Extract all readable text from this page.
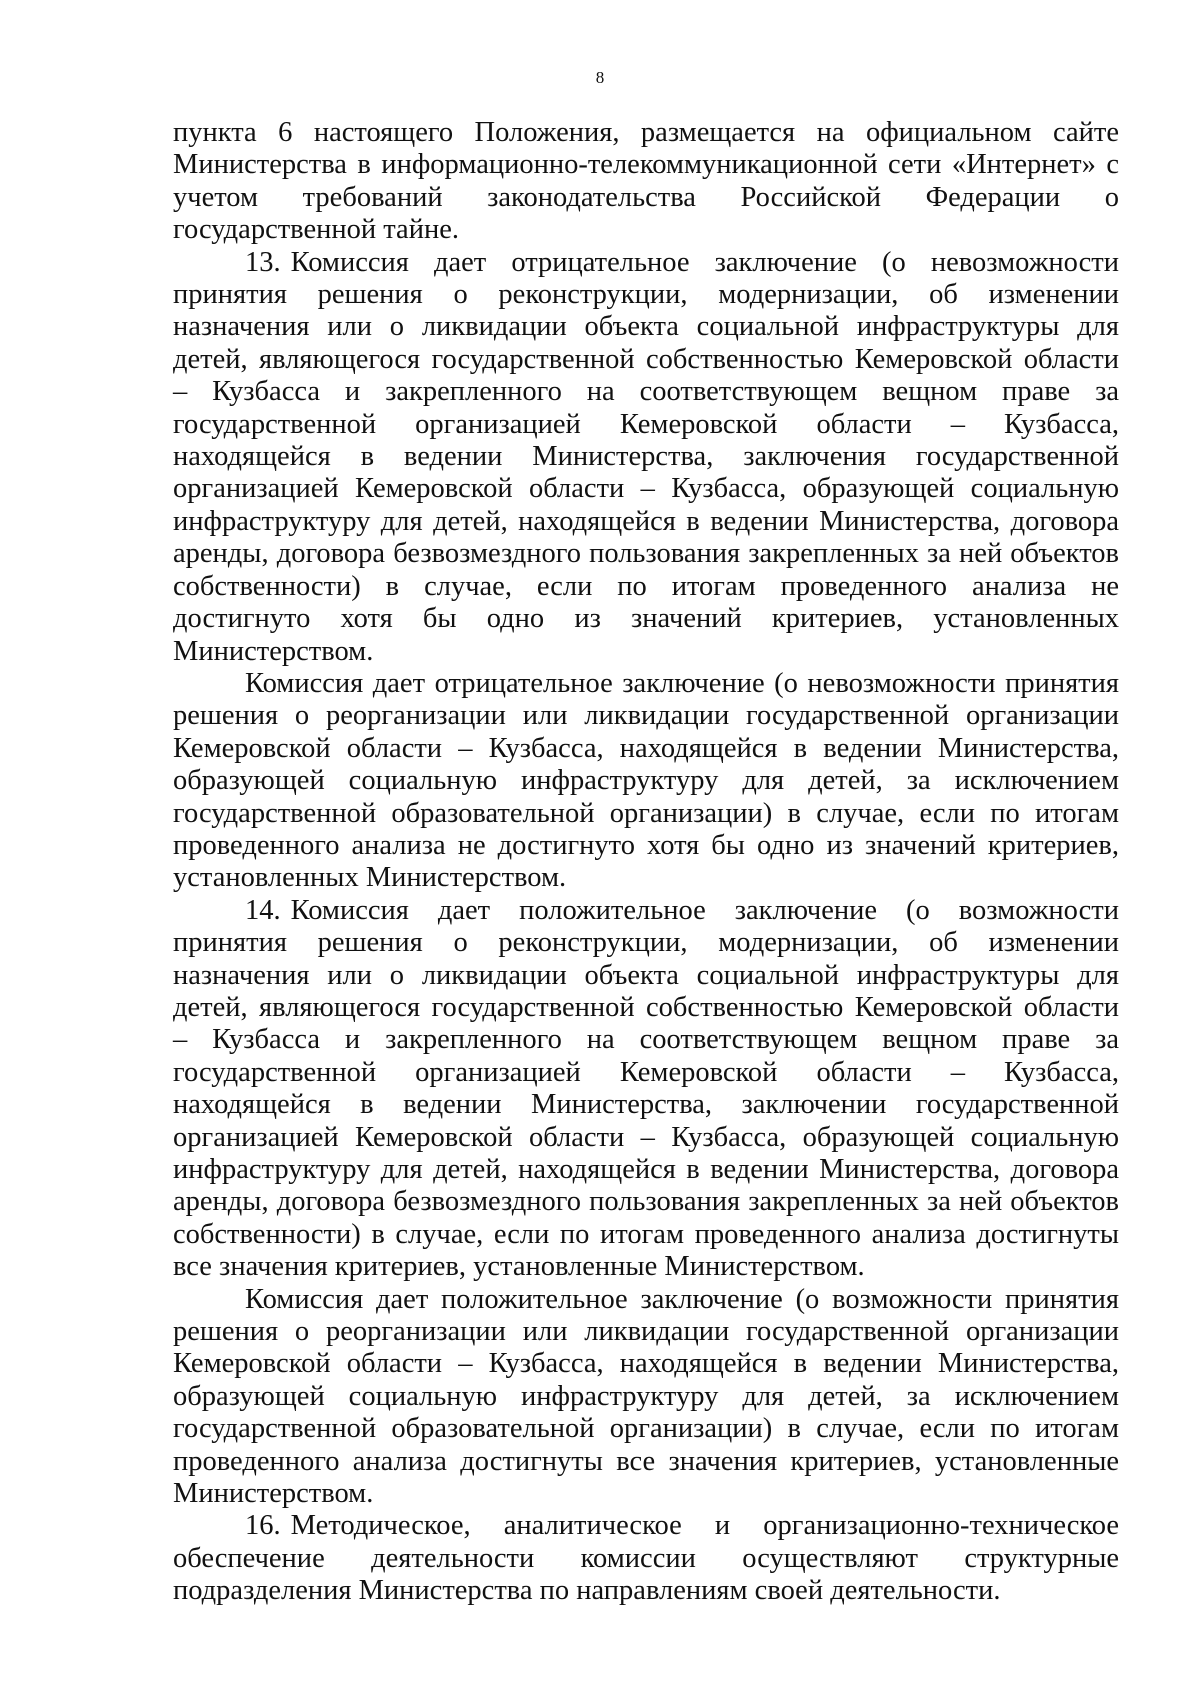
8

пункта 6 настоящего Положения, размещается на официальном сайте Министерства в информационно-телекоммуникационной сети «Интернет» с учетом требований законодательства Российской Федерации о государственной тайне.

13. Комиссия дает отрицательное заключение (о невозможности принятия решения о реконструкции, модернизации, об изменении назначения или о ликвидации объекта социальной инфраструктуры для детей, являющегося государственной собственностью Кемеровской области – Кузбасса и закрепленного на соответствующем вещном праве за государственной организацией Кемеровской области – Кузбасса, находящейся в ведении Министерства, заключения государственной организацией Кемеровской области – Кузбасса, образующей социальную инфраструктуру для детей, находящейся в ведении Министерства, договора аренды, договора безвозмездного пользования закрепленных за ней объектов собственности) в случае, если по итогам проведенного анализа не достигнуто хотя бы одно из значений критериев, установленных Министерством.

Комиссия дает отрицательное заключение (о невозможности принятия решения о реорганизации или ликвидации государственной организации Кемеровской области – Кузбасса, находящейся в ведении Министерства, образующей социальную инфраструктуру для детей, за исключением государственной образовательной организации) в случае, если по итогам проведенного анализа не достигнуто хотя бы одно из значений критериев, установленных Министерством.

14. Комиссия дает положительное заключение (о возможности принятия решения о реконструкции, модернизации, об изменении назначения или о ликвидации объекта социальной инфраструктуры для детей, являющегося государственной собственностью Кемеровской области – Кузбасса и закрепленного на соответствующем вещном праве за государственной организацией Кемеровской области – Кузбасса, находящейся в ведении Министерства, заключении государственной организацией Кемеровской области – Кузбасса, образующей социальную инфраструктуру для детей, находящейся в ведении Министерства, договора аренды, договора безвозмездного пользования закрепленных за ней объектов собственности) в случае, если по итогам проведенного анализа достигнуты все значения критериев, установленные Министерством.

Комиссия дает положительное заключение (о возможности принятия решения о реорганизации или ликвидации государственной организации Кемеровской области – Кузбасса, находящейся в ведении Министерства, образующей социальную инфраструктуру для детей, за исключением государственной образовательной организации) в случае, если по итогам проведенного анализа достигнуты все значения критериев, установленные Министерством.

16. Методическое, аналитическое и организационно-техническое обеспечение деятельности комиссии осуществляют структурные подразделения Министерства по направлениям своей деятельности.
